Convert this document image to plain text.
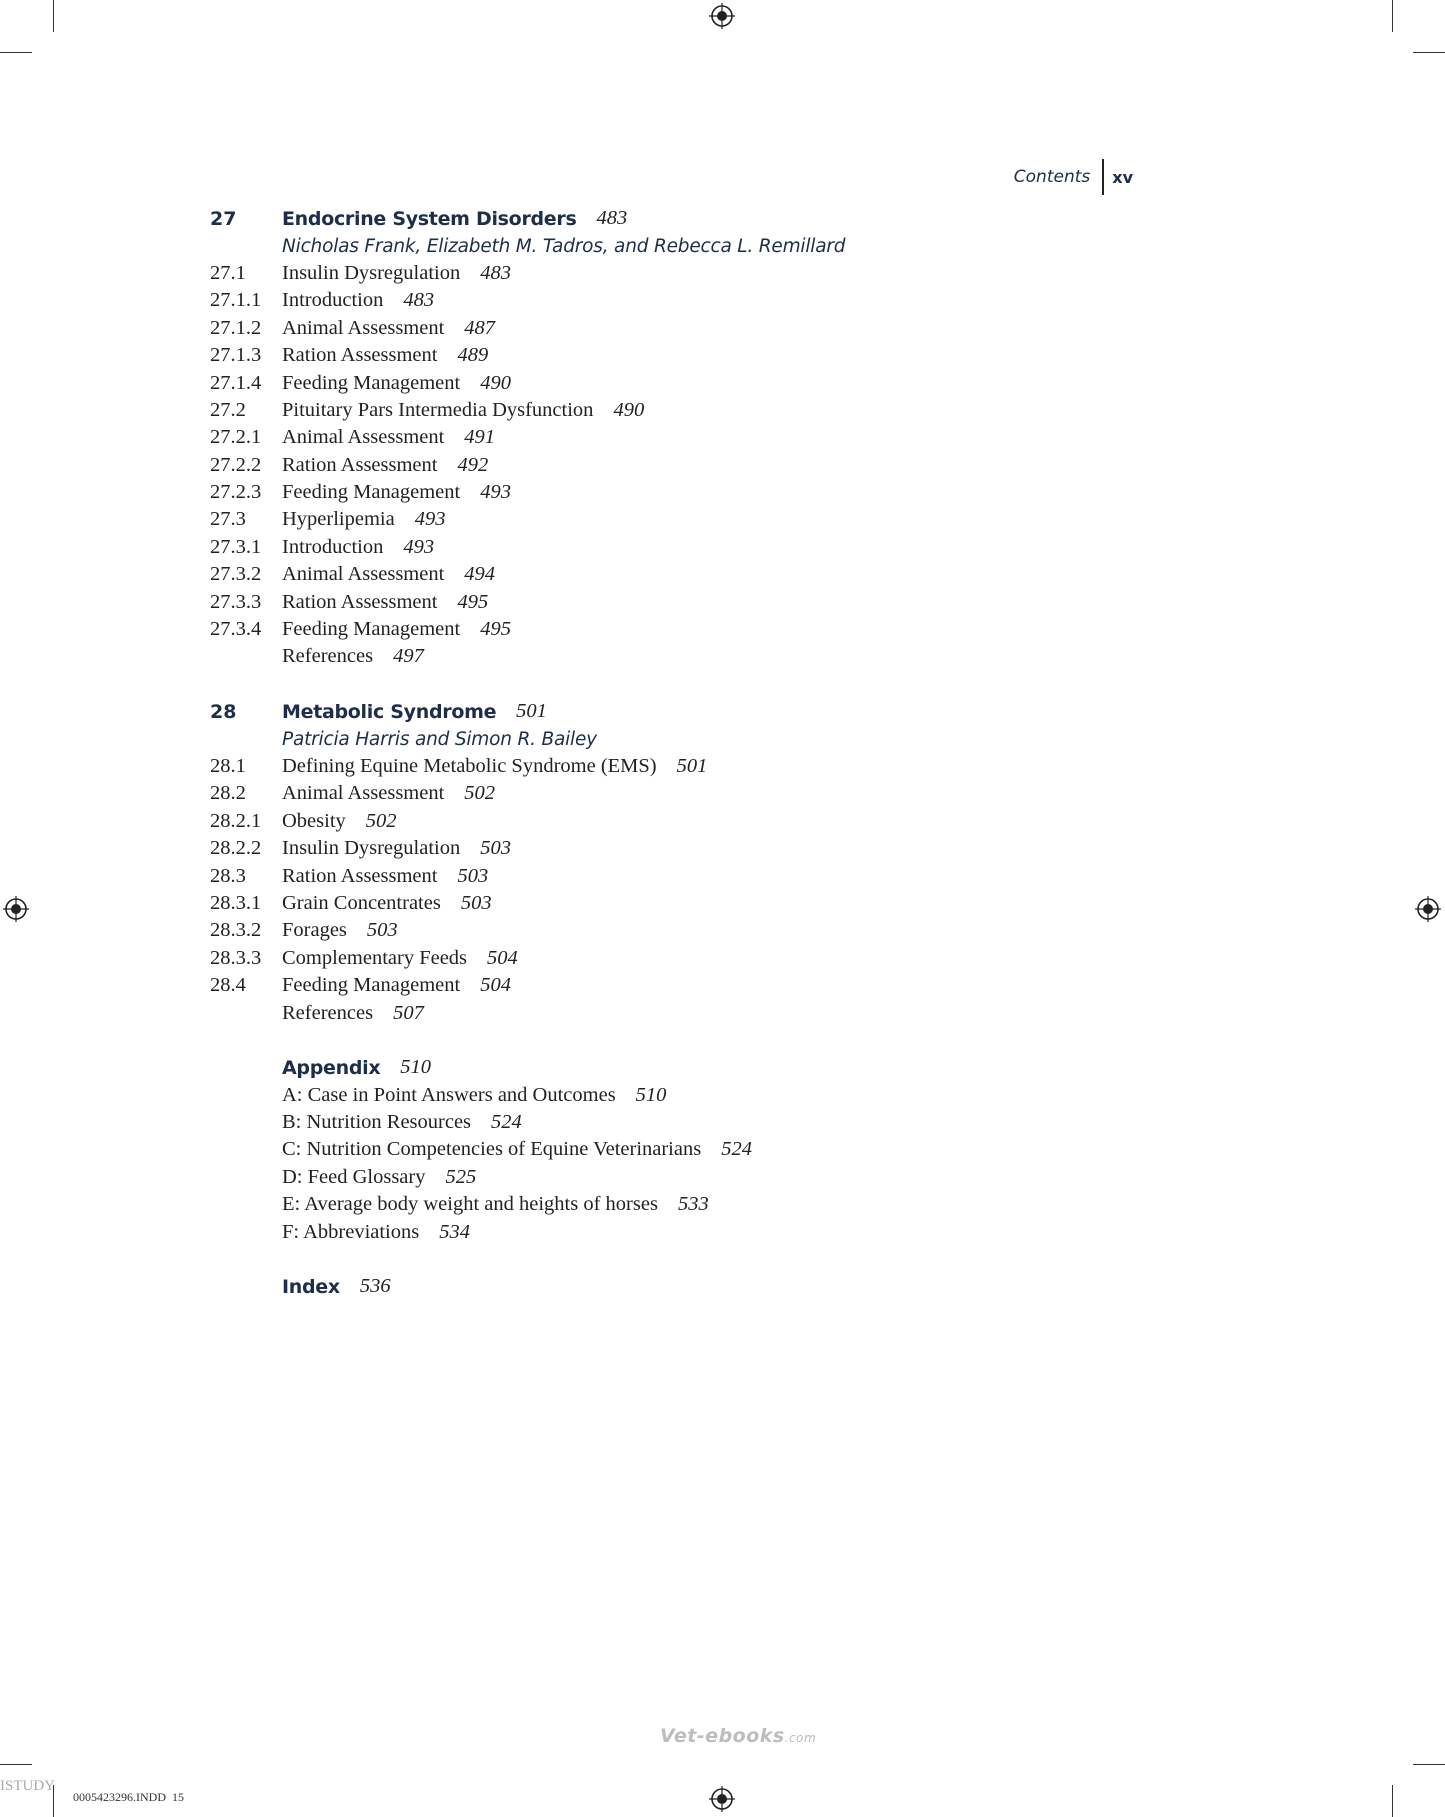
Contents	xv
27	Endocrine System Disorders 483
Nicholas Frank, Elizabeth M. Tadros, and Rebecca L. Remillard
27.1	Insulin Dysregulation 483
27.1.1	Introduction 483
27.1.2	Animal Assessment 487
27.1.3	Ration Assessment 489
27.1.4	Feeding Management 490
27.2	Pituitary Pars Intermedia Dysfunction 490
27.2.1	Animal Assessment 491
27.2.2	Ration Assessment 492
27.2.3	Feeding Management 493
27.3	Hyperlipemia 493
27.3.1	Introduction 493
27.3.2	Animal Assessment 494
27.3.3	Ration Assessment 495
27.3.4	Feeding Management 495
References 497
28	Metabolic Syndrome 501
Patricia Harris and Simon R. Bailey
28.1	Defining Equine Metabolic Syndrome (EMS) 501
28.2	Animal Assessment 502
28.2.1	Obesity 502
28.2.2	Insulin Dysregulation 503
28.3	Ration Assessment 503
28.3.1	Grain Concentrates 503
28.3.2	Forages 503
28.3.3	Complementary Feeds 504
28.4	Feeding Management 504
References 507
Appendix 510
A: Case in Point Answers and Outcomes 510
B: Nutrition Resources 524
C: Nutrition Competencies of Equine Veterinarians 524
D: Feed Glossary 525
E: Average body weight and heights of horses 533
F: Abbreviations 534
Index 536
Vet-ebooks.com
ISTUDY
0005423296.INDD 15
